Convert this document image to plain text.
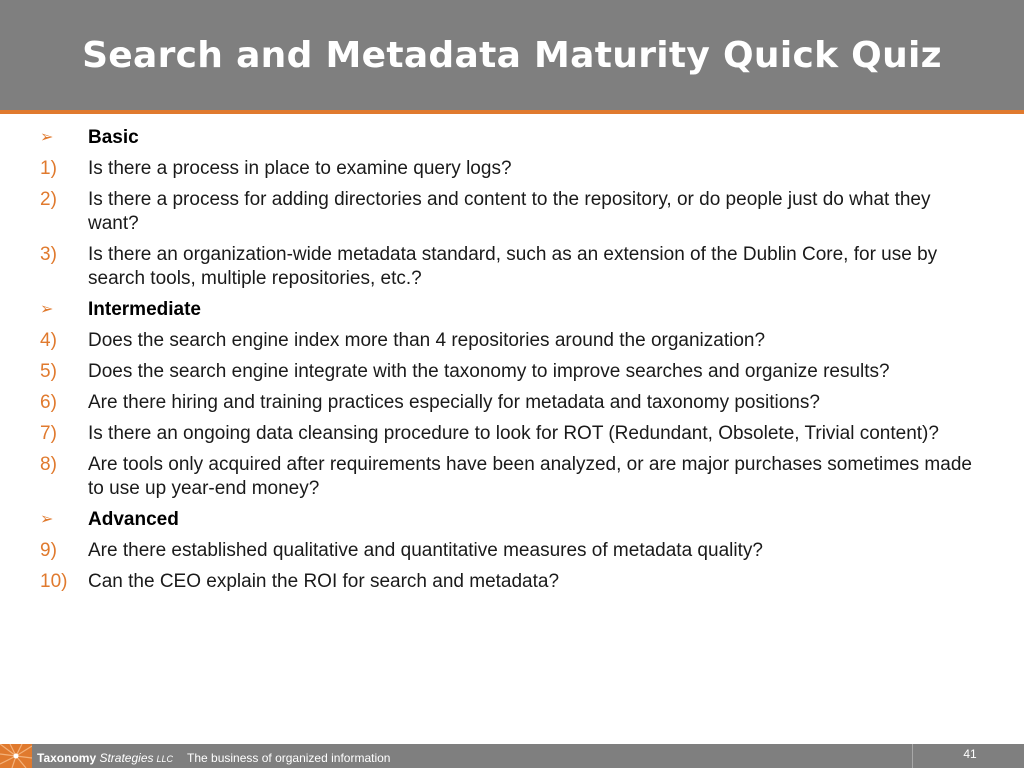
Search and Metadata Maturity Quick Quiz
➢	Basic
1)	Is there a process in place to examine query logs?
2)	Is there a process for adding directories and content to the repository, or do people just do what they want?
3)	Is there an organization-wide metadata standard, such as an extension of the Dublin Core, for use by search tools, multiple repositories, etc.?
➢	Intermediate
4)	Does the search engine index more than 4 repositories around the organization?
5)	Does the search engine integrate with the taxonomy to improve searches and organize results?
6)	Are there hiring and training practices especially for metadata and taxonomy positions?
7)	Is there an ongoing data cleansing procedure to look for ROT (Redundant, Obsolete, Trivial content)?
8)	Are tools only acquired after requirements have been analyzed, or are major purchases sometimes made to use up year-end money?
➢	Advanced
9)	Are there established qualitative and quantitative measures of metadata quality?
10)	Can the CEO explain the ROI for search and metadata?
Taxonomy Strategies LLC The business of organized information	41
